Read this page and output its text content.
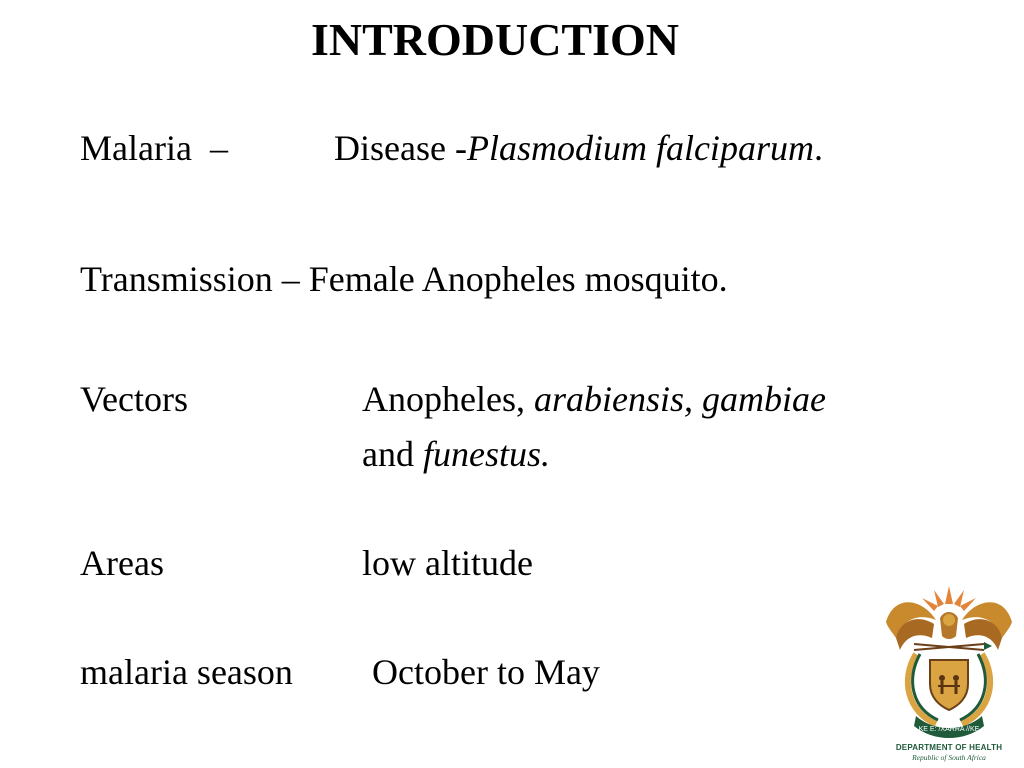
INTRODUCTION
Malaria  –	Disease -Plasmodium falciparum.
Transmission – Female Anopheles mosquito.
Vectors	Anopheles, arabiensis, gambiae
and funestus.
Areas	low altitude
malaria season October to May
KE E: /XARRA //KE
DEPARTMENT OF HEALTH
Republic of South Africa
